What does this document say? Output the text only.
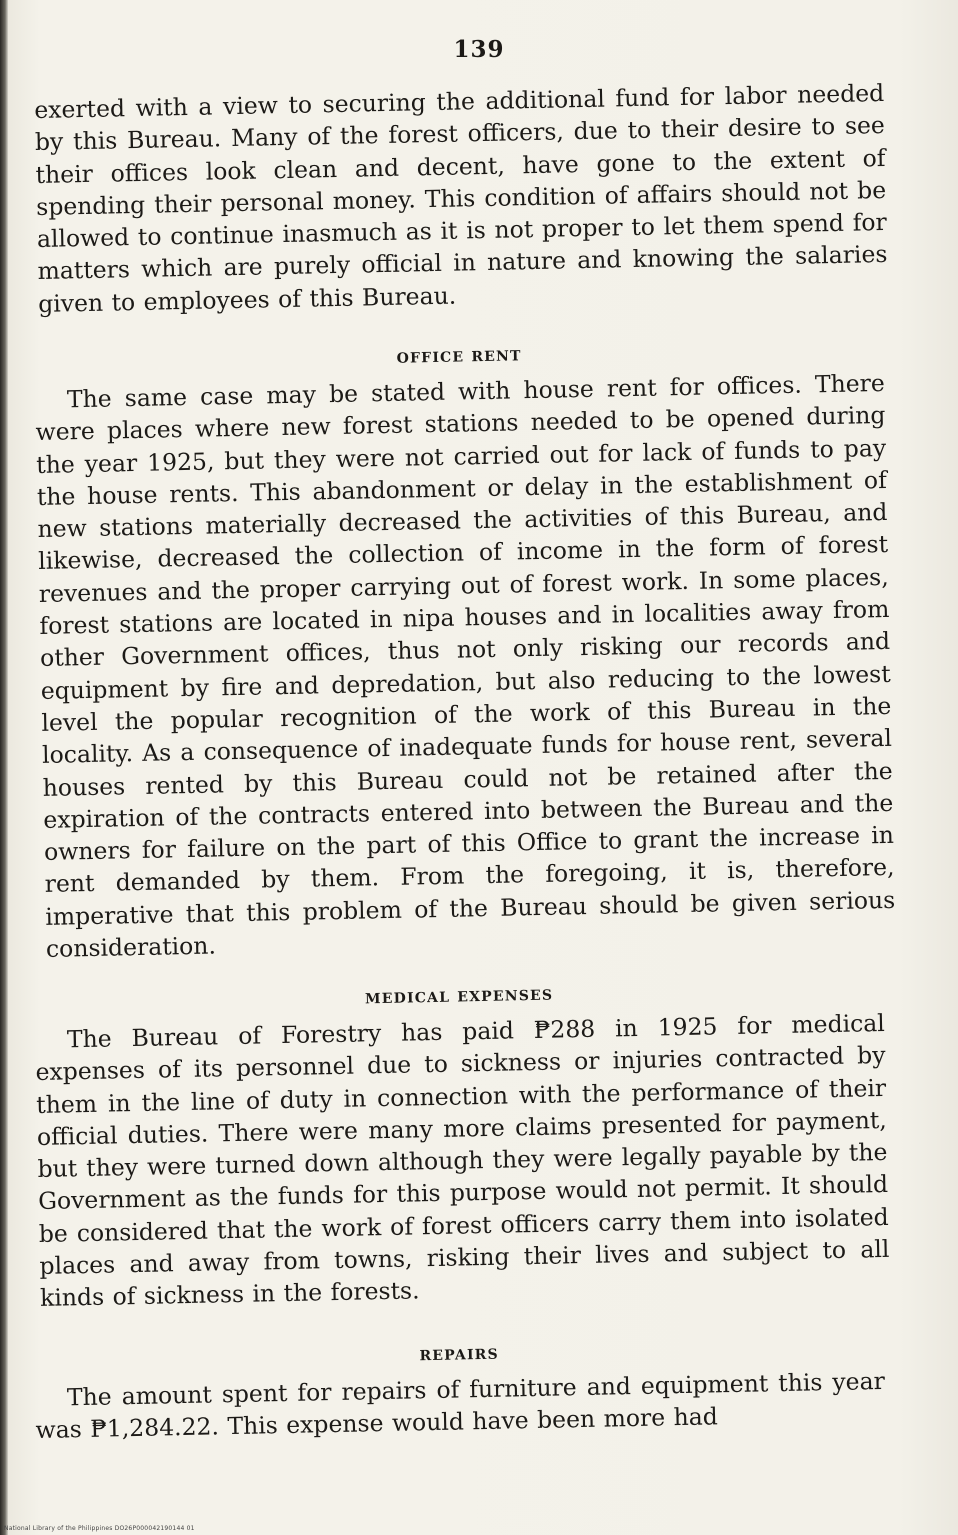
139

exerted with a view to securing the additional fund for labor needed by this Bureau. Many of the forest officers, due to their desire to see their offices look clean and decent, have gone to the extent of spending their personal money. This condition of affairs should not be allowed to continue inasmuch as it is not proper to let them spend for matters which are purely official in nature and knowing the salaries given to employees of this Bureau.

OFFICE RENT

The same case may be stated with house rent for offices. There were places where new forest stations needed to be opened during the year 1925, but they were not carried out for lack of funds to pay the house rents. This abandonment or delay in the establishment of new stations materially decreased the activities of this Bureau, and likewise, decreased the collection of income in the form of forest revenues and the proper carrying out of forest work. In some places, forest stations are located in nipa houses and in localities away from other Government offices, thus not only risking our records and equipment by fire and depredation, but also reducing to the lowest level the popular recognition of the work of this Bureau in the locality. As a consequence of inadequate funds for house rent, several houses rented by this Bureau could not be retained after the expiration of the contracts entered into between the Bureau and the owners for failure on the part of this Office to grant the increase in rent demanded by them. From the foregoing, it is, therefore, imperative that this problem of the Bureau should be given serious consideration.

MEDICAL EXPENSES

The Bureau of Forestry has paid ₱288 in 1925 for medical expenses of its personnel due to sickness or injuries contracted by them in the line of duty in connection with the performance of their official duties. There were many more claims presented for payment, but they were turned down although they were legally payable by the Government as the funds for this purpose would not permit. It should be considered that the work of forest officers carry them into isolated places and away from towns, risking their lives and subject to all kinds of sickness in the forests.

REPAIRS

The amount spent for repairs of furniture and equipment this year was ₱1,284.22. This expense would have been more had

National Library of the Philippines DO26P000042190144 01
